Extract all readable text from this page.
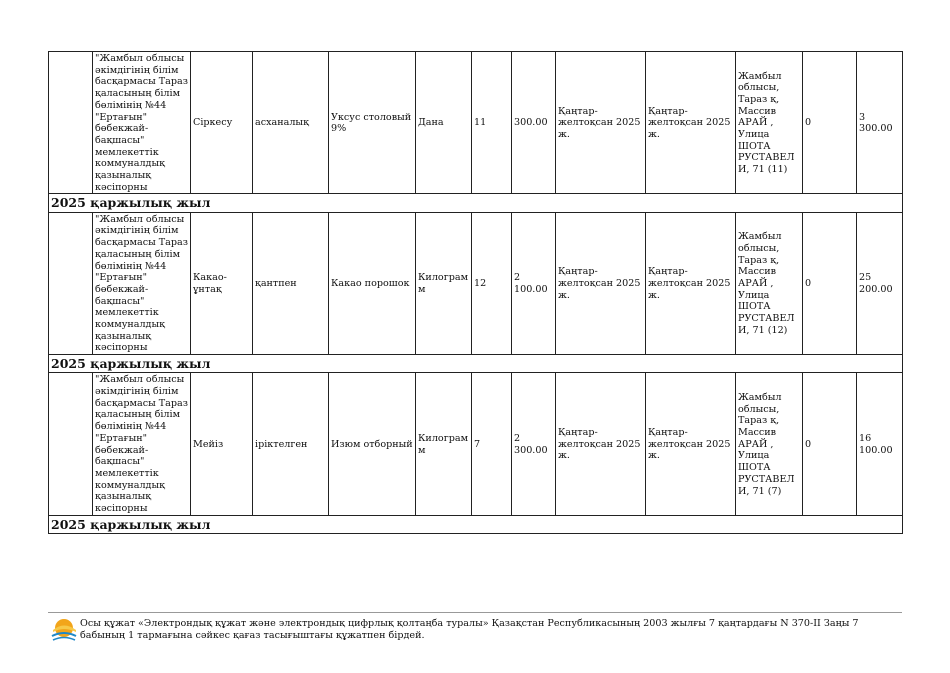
	"Жамбыл облысы әкімдігінің білім басқармасы Тараз қаласының білім бөлімінің №44 "Ертағын" бөбекжай-бақшасы" мемлекеттік коммуналдық қазыналық кәсіпорны	Сіркесу	асханалық	Уксус столовый 9%	Дана	11	300.00	Қаңтар-желтоқсан 2025 ж.	Қаңтар-желтоқсан 2025 ж.	Жамбыл облысы, Тараз қ, Массив АРАЙ , Улица ШОТА РУСТАВЕЛИ, 71 (11)	0	3 300.00
2025 қаржылық жыл												
	"Жамбыл облысы әкімдігінің білім басқармасы Тараз қаласының білім бөлімінің №44 "Ертағын" бөбекжай-бақшасы" мемлекеттік коммуналдық қазыналық кәсіпорны	Какао-ұнтақ	қантпен	Какао порошок	Килограмм	12	2 100.00	Қаңтар-желтоқсан 2025 ж.	Қаңтар-желтоқсан 2025 ж.	Жамбыл облысы, Тараз қ, Массив АРАЙ , Улица ШОТА РУСТАВЕЛИ, 71 (12)	0	25 200.00
2025 қаржылық жыл												
	"Жамбыл облысы әкімдігінің білім басқармасы Тараз қаласының білім бөлімінің №44 "Ертағын" бөбекжай-бақшасы" мемлекеттік коммуналдық қазыналық кәсіпорны	Мейіз	іріктелген	Изюм отборный	Килограмм	7	2 300.00	Қаңтар-желтоқсан 2025 ж.	Қаңтар-желтоқсан 2025 ж.	Жамбыл облысы, Тараз қ, Массив АРАЙ , Улица ШОТА РУСТАВЕЛИ, 71 (7)	0	16 100.00
2025 қаржылық жыл												
Осы құжат «Электрондық құжат және электрондық цифрлық қолтаңба туралы» Қазақстан Республикасының 2003 жылғы 7 қаңтардағы N 370-II Заңы 7 бабының 1 тармағына сәйкес қағаз тасығыштағы құжатпен бірдей.
